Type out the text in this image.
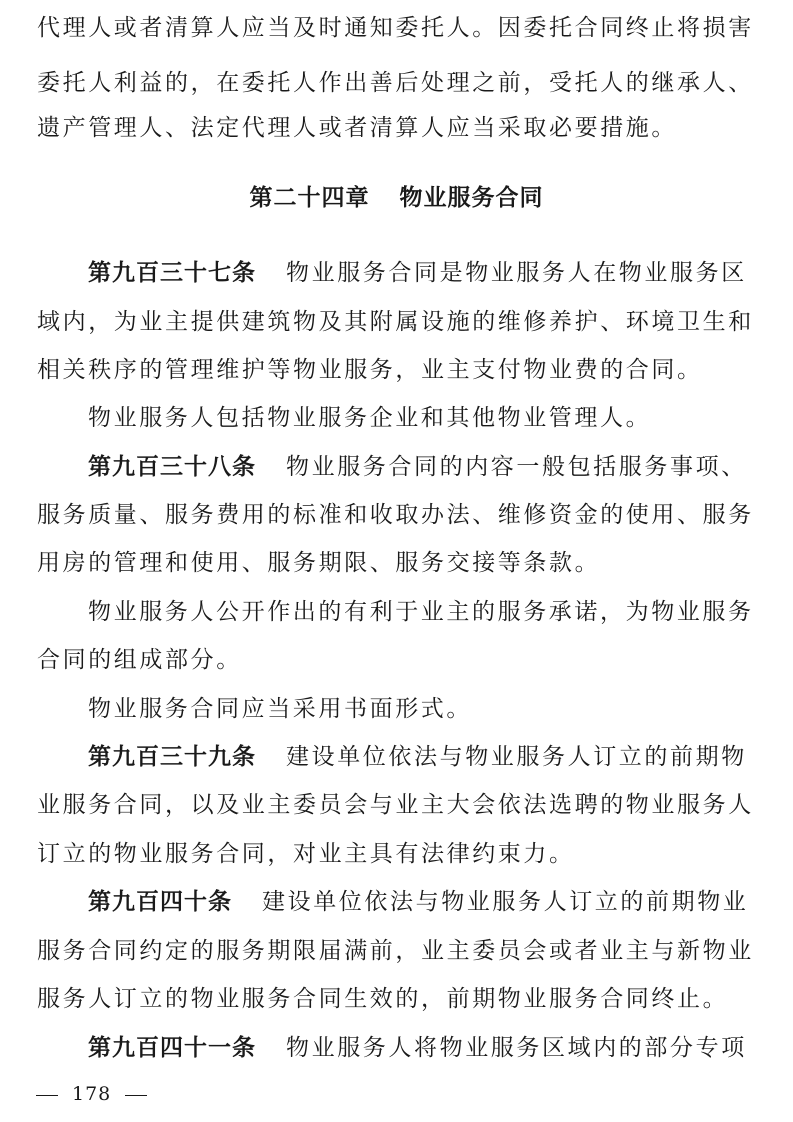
代理人或者清算人应当及时通知委托人。因委托合同终止将损害
委托人利益的，在委托人作出善后处理之前，受托人的继承人、
遗产管理人、法定代理人或者清算人应当采取必要措施。
第二十四章 物业服务合同
第九百三十七条 物业服务合同是物业服务人在物业服务区
域内，为业主提供建筑物及其附属设施的维修养护、环境卫生和
相关秩序的管理维护等物业服务，业主支付物业费的合同。
物业服务人包括物业服务企业和其他物业管理人。
第九百三十八条 物业服务合同的内容一般包括服务事项、
服务质量、服务费用的标准和收取办法、维修资金的使用、服务
用房的管理和使用、服务期限、服务交接等条款。
物业服务人公开作出的有利于业主的服务承诺，为物业服务
合同的组成部分。
物业服务合同应当采用书面形式。
第九百三十九条 建设单位依法与物业服务人订立的前期物
业服务合同，以及业主委员会与业主大会依法选聘的物业服务人
订立的物业服务合同，对业主具有法律约束力。
第九百四十条 建设单位依法与物业服务人订立的前期物业
服务合同约定的服务期限届满前，业主委员会或者业主与新物业
服务人订立的物业服务合同生效的，前期物业服务合同终止。
第九百四十一条 物业服务人将物业服务区域内的部分专项
178
